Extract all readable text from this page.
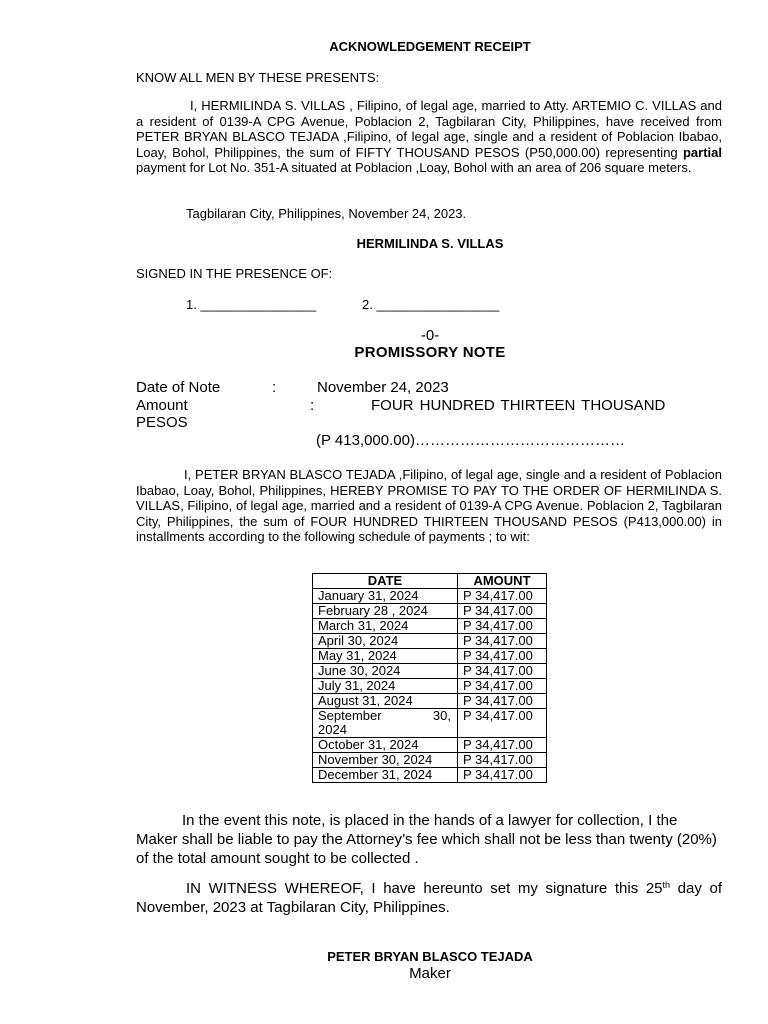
ACKNOWLEDGEMENT RECEIPT
KNOW ALL MEN BY THESE PRESENTS:
I, HERMILINDA S. VILLAS , Filipino, of legal age, married to Atty. ARTEMIO C. VILLAS and a resident of 0139-A CPG Avenue, Poblacion 2, Tagbilaran City, Philippines, have received from PETER BRYAN BLASCO TEJADA ,Filipino, of legal age, single and a resident of Poblacion Ibabao, Loay, Bohol, Philippines, the sum of FIFTY THOUSAND PESOS (P50,000.00) representing partial payment for Lot No. 351-A situated at Poblacion ,Loay, Bohol with an area of 206 square meters.
Tagbilaran City, Philippines, November 24, 2023.
HERMILINDA S. VILLAS
SIGNED IN THE PRESENCE OF:
1. ________________	2. _________________
-0-
PROMISSORY NOTE
Date of Note	:	November 24, 2023
Amount	:	FOUR HUNDRED THIRTEEN THOUSAND
PESOS
(P 413,000.00)……………………………………
I, PETER BRYAN BLASCO TEJADA ,Filipino, of legal age, single and a resident of Poblacion Ibabao, Loay, Bohol, Philippines, HEREBY PROMISE TO PAY TO THE ORDER OF HERMILINDA S. VILLAS, Filipino, of legal age, married and a resident of 0139-A CPG Avenue. Poblacion 2, Tagbilaran City, Philippines, the sum of FOUR HUNDRED THIRTEEN THOUSAND PESOS (P413,000.00) in installments according to the following schedule of payments ; to wit:
DATE	AMOUNT
January 31, 2024	P 34,417.00
February 28 , 2024	P 34,417.00
March 31, 2024	P 34,417.00
April 30, 2024	P 34,417.00
May 31, 2024	P 34,417.00
June 30, 2024	P 34,417.00
July 31, 2024	P 34,417.00
August 31, 2024	P 34,417.00

September 30,
2024	P 34,417.00
October 31, 2024	P 34,417.00
November 30, 2024	P 34,417.00
December 31, 2024	P 34,417.00
In the event this note, is placed in the hands of a lawyer for collection, I the Maker shall be liable to pay the Attorney’s fee which shall not be less than twenty (20%) of the total amount sought to be collected .
IN WITNESS WHEREOF, I have hereunto set my signature this 25th day of November, 2023 at Tagbilaran City, Philippines.
PETER BRYAN BLASCO TEJADA
Maker
